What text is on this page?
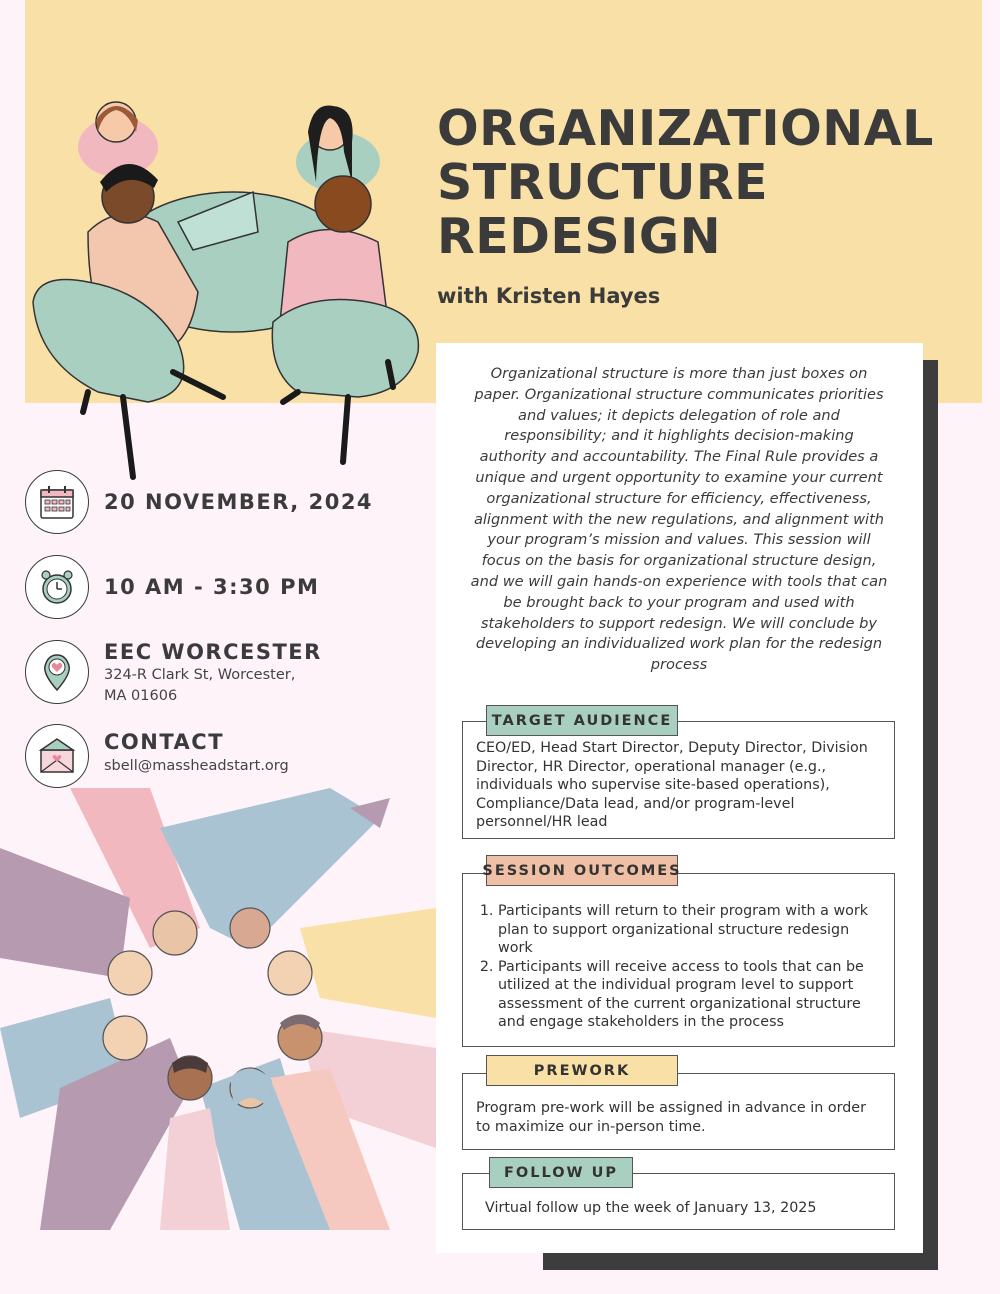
ORGANIZATIONAL
STRUCTURE
REDESIGN

with Kristen Hayes

20 NOVEMBER, 2024
10 AM - 3:30 PM
EEC WORCESTER
324-R Clark St, Worcester, MA 01606
CONTACT
sbell@massheadstart.org

Organizational structure is more than just boxes on paper. Organizational structure communicates priorities and values; it depicts delegation of role and responsibility; and it highlights decision-making authority and accountability. The Final Rule provides a unique and urgent opportunity to examine your current organizational structure for efficiency, effectiveness, alignment with the new regulations, and alignment with your program’s mission and values. This session will focus on the basis for organizational structure design, and we will gain hands-on experience with tools that can be brought back to your program and used with stakeholders to support redesign. We will conclude by developing an individualized work plan for the redesign process

CEO/ED, Head Start Director, Deputy Director, Division Director, HR Director, operational manager (e.g., individuals who supervise site-based operations), Compliance/Data lead, and/or program-level personnel/HR lead
TARGET AUDIENCE
1. Participants will return to their program with a work plan to support organizational structure redesign work
2. Participants will receive access to tools that can be utilized at the individual program level to support assessment of the current organizational structure and engage stakeholders in the process
SESSION OUTCOMES
Program pre-work will be assigned in advance in order to maximize our in-person time.
PREWORK
Virtual follow up the week of January 13, 2025
FOLLOW UP
